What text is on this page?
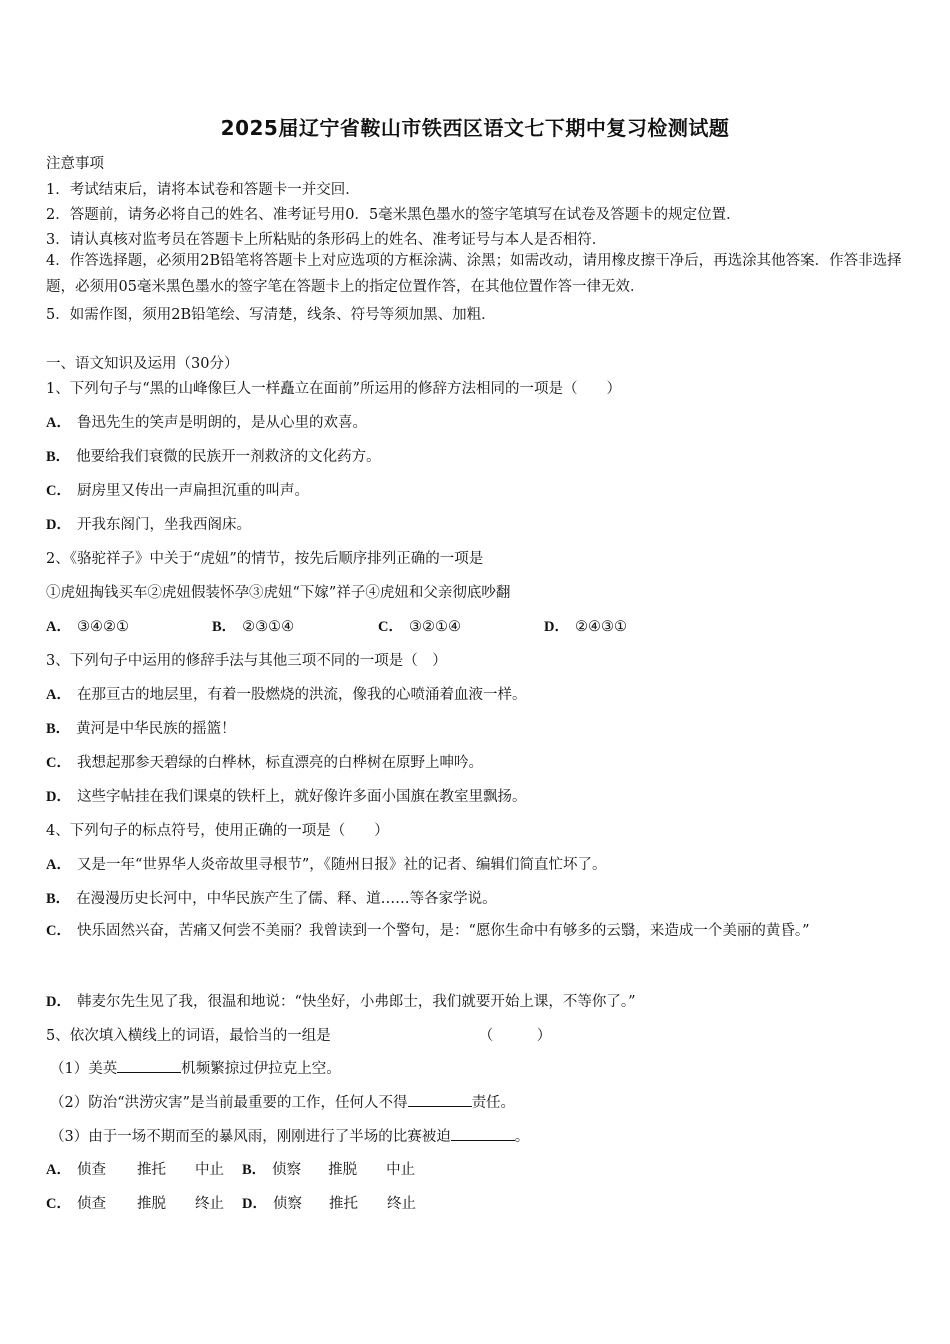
2025届辽宁省鞍山市铁西区语文七下期中复习检测试题
注意事项
1．考试结束后，请将本试卷和答题卡一并交回．
2．答题前，请务必将自己的姓名、准考证号用0．5毫米黑色墨水的签字笔填写在试卷及答题卡的规定位置．
3．请认真核对监考员在答题卡上所粘贴的条形码上的姓名、准考证号与本人是否相符．
4．作答选择题，必须用2B铅笔将答题卡上对应选项的方框涂满、涂黑；如需改动，请用橡皮擦干净后，再选涂其他答案．作答非选择题，必须用05毫米黑色墨水的签字笔在答题卡上的指定位置作答，在其他位置作答一律无效．
5．如需作图，须用2B铅笔绘、写清楚，线条、符号等须加黑、加粗．
一、语文知识及运用（30分）
1、下列句子与“黑的山峰像巨人一样矗立在面前”所运用的修辞方法相同的一项是（　　）
A． 鲁迅先生的笑声是明朗的，是从心里的欢喜。
B． 他要给我们衰微的民族开一剂救济的文化药方。
C． 厨房里又传出一声扁担沉重的叫声。
D． 开我东阁门，坐我西阁床。
2、《骆驼祥子》中关于“虎妞”的情节，按先后顺序排列正确的一项是
①虎妞掏钱买车②虎妞假装怀孕③虎妞“下嫁”祥子④虎妞和父亲彻底吵翻
A． ③④②①	B． ②③①④	C． ③②①④	D． ②④③①
3、下列句子中运用的修辞手法与其他三项不同的一项是（　）
A． 在那亘古的地层里，有着一股燃烧的洪流，像我的心喷涌着血液一样。
B． 黄河是中华民族的摇篮！
C． 我想起那参天碧绿的白桦林，标直漂亮的白桦树在原野上呻吟。
D． 这些字帖挂在我们课桌的铁杆上，就好像许多面小国旗在教室里飘扬。
4、下列句子的标点符号，使用正确的一项是（　　）
A． 又是一年“世界华人炎帝故里寻根节”，《随州日报》社的记者、编辑们简直忙坏了。
B． 在漫漫历史长河中，中华民族产生了儒、释、道……等各家学说。
C． 快乐固然兴奋，苦痛又何尝不美丽？我曾读到一个警句，是：“愿你生命中有够多的云翳，来造成一个美丽的黄昏。”
D． 韩麦尔先生见了我，很温和地说：“快坐好，小弗郎士，我们就要开始上课，不等你了。”
5、依次填入横线上的词语，最恰当的一组是	（　　　）
（1）美英	机频繁掠过伊拉克上空。
（2）防治“洪涝灾害”是当前最重要的工作，任何人不得	责任。
（3）由于一场不期而至的暴风雨，刚刚进行了半场的比赛被迫	。
A． 侦查 推托 中止 B． 侦察 推脱 中止
C． 侦查 推脱 终止 D． 侦察 推托 终止
